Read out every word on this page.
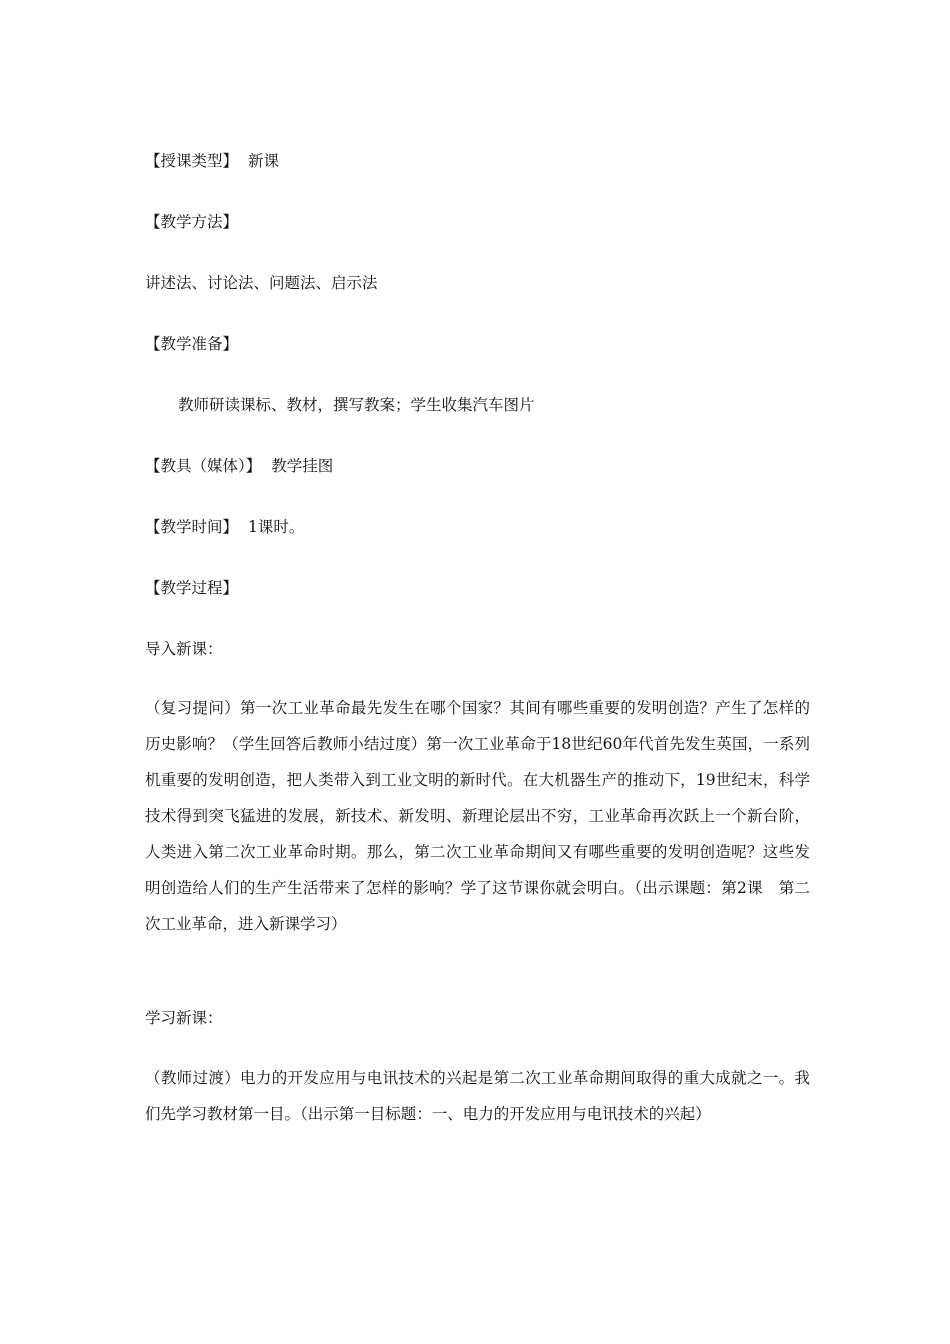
【授课类型】 新课
【教学方法】
讲述法、讨论法、问题法、启示法
【教学准备】
教师研读课标、教材，撰写教案；学生收集汽车图片
【教具（媒体）】 教学挂图
【教学时间】 1课时。
【教学过程】
导入新课：
（复习提问）第一次工业革命最先发生在哪个国家？其间有哪些重要的发明创造？产生了怎样的历史影响？（学生回答后教师小结过度）第一次工业革命于18世纪60年代首先发生英国，一系列机重要的发明创造，把人类带入到工业文明的新时代。在大机器生产的推动下，19世纪末，科学技术得到突飞猛进的发展，新技术、新发明、新理论层出不穷，工业革命再次跃上一个新台阶，人类进入第二次工业革命时期。那么，第二次工业革命期间又有哪些重要的发明创造呢？这些发明创造给人们的生产生活带来了怎样的影响？学了这节课你就会明白。（出示课题：第2课　第二次工业革命，进入新课学习）
学习新课：
（教师过渡）电力的开发应用与电讯技术的兴起是第二次工业革命期间取得的重大成就之一。我们先学习教材第一目。（出示第一目标题：一、电力的开发应用与电讯技术的兴起）
